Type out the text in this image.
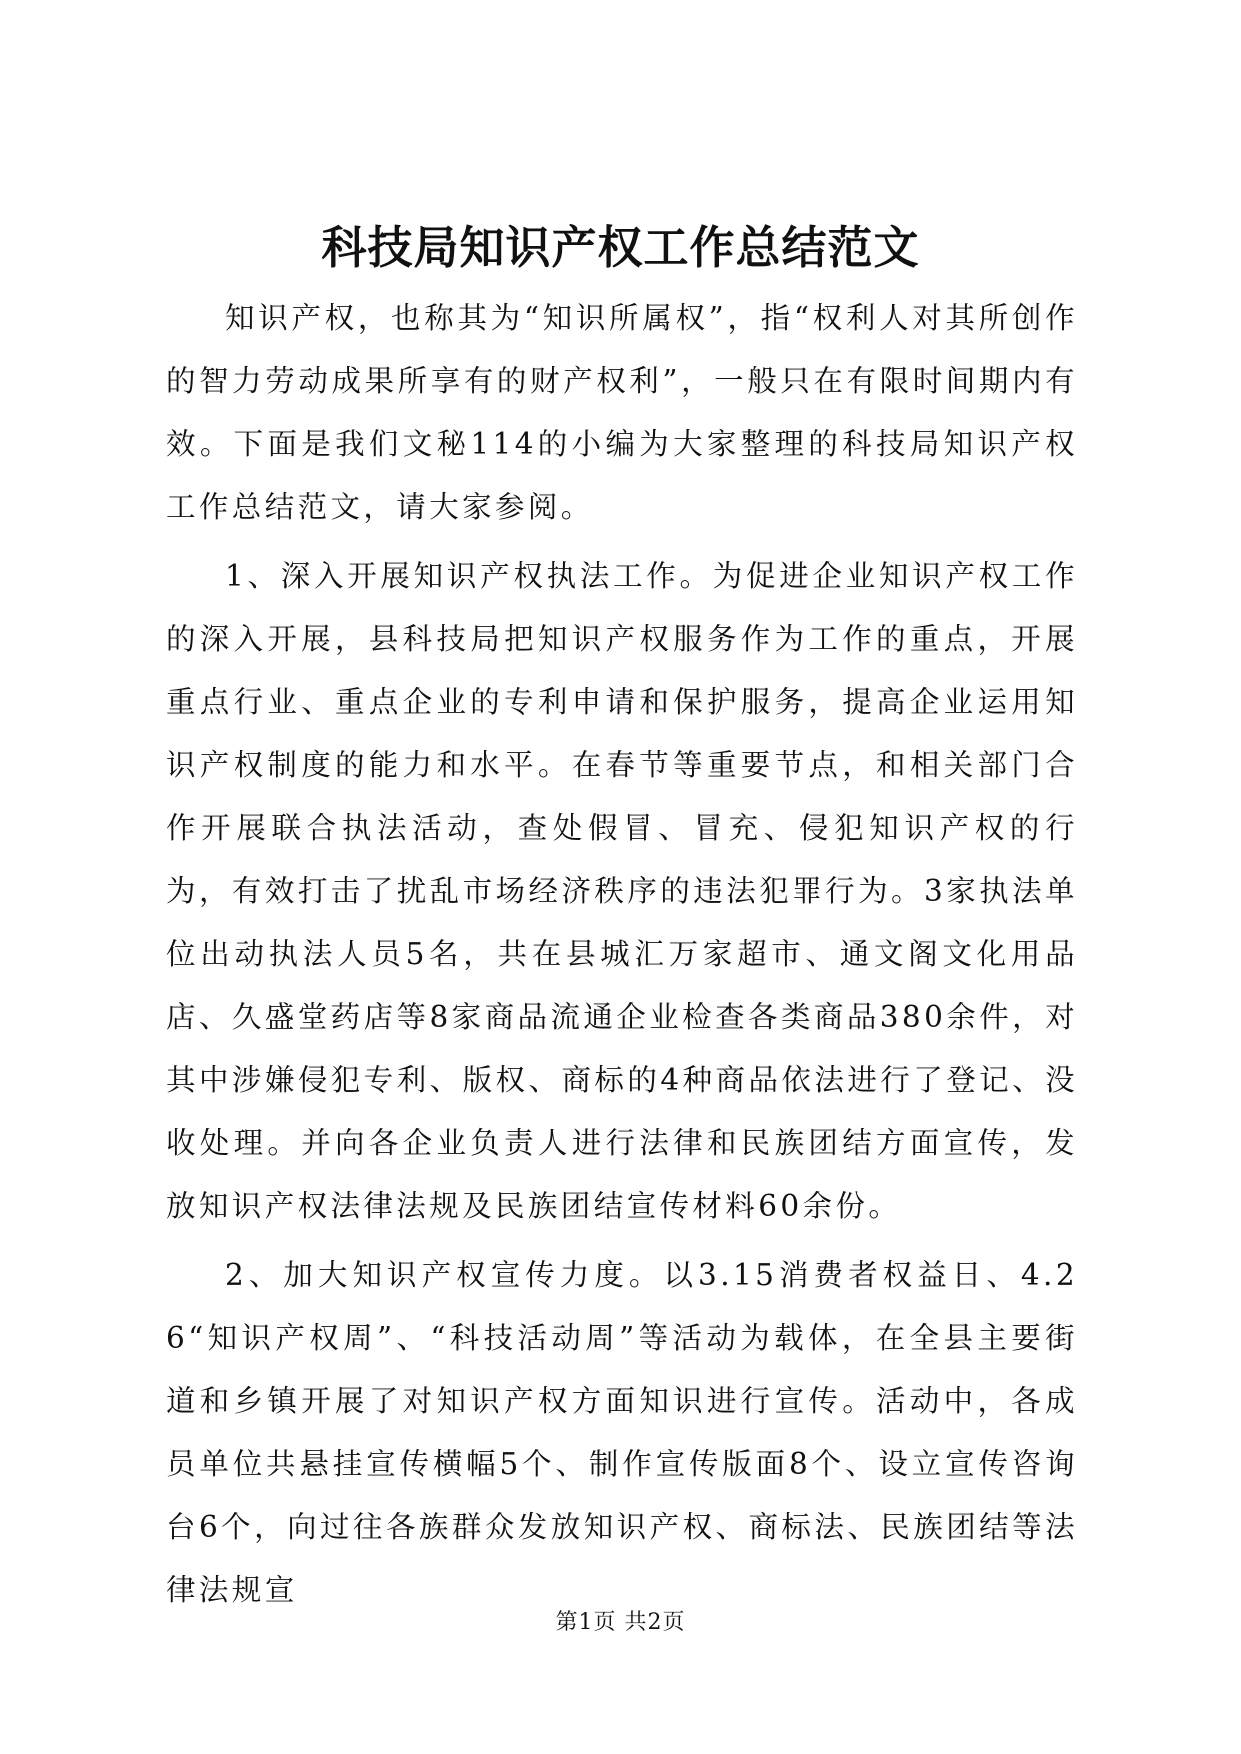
科技局知识产权工作总结范文

知识产权，也称其为“知识所属权”，指“权利人对其所创作的智力劳动成果所享有的财产权利”，一般只在有限时间期内有效。下面是我们文秘114的小编为大家整理的科技局知识产权工作总结范文，请大家参阅。

1、深入开展知识产权执法工作。为促进企业知识产权工作的深入开展，县科技局把知识产权服务作为工作的重点，开展重点行业、重点企业的专利申请和保护服务，提高企业运用知识产权制度的能力和水平。在春节等重要节点，和相关部门合作开展联合执法活动，查处假冒、冒充、侵犯知识产权的行为，有效打击了扰乱市场经济秩序的违法犯罪行为。3家执法单位出动执法人员5名，共在县城汇万家超市、通文阁文化用品店、久盛堂药店等8家商品流通企业检查各类商品380余件，对其中涉嫌侵犯专利、版权、商标的4种商品依法进行了登记、没收处理。并向各企业负责人进行法律和民族团结方面宣传，发放知识产权法律法规及民族团结宣传材料60余份。

2、加大知识产权宣传力度。以3.15消费者权益日、4.26“知识产权周”、“科技活动周”等活动为载体，在全县主要街道和乡镇开展了对知识产权方面知识进行宣传。活动中，各成员单位共悬挂宣传横幅5个、制作宣传版面8个、设立宣传咨询台6个，向过往各族群众发放知识产权、商标法、民族团结等法律法规宣

第1页 共2页
